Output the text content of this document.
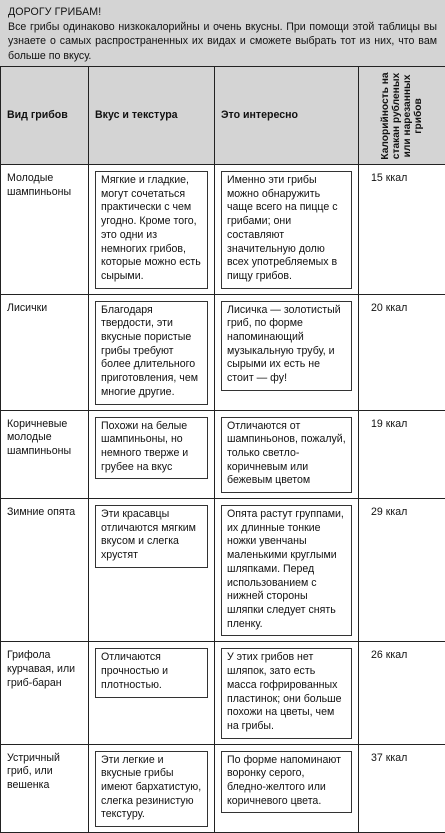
ДОРОГУ ГРИБАМ!
Все грибы одинаково низкокалорийны и очень вкусны. При помощи этой таблицы вы узнаете о самых распространенных их видах и сможете выбрать тот из них, что вам больше по вкусу.
Вид грибов	Вкус и текстура	Это интересно	Калорийность на стакан рубленых или нарезанных грибов

Молодые шампиньоны	Мягкие и гладкие, могут сочетаться практически с чем угодно. Кроме того, это одни из немногих грибов, которые можно есть сырыми.	Именно эти грибы можно обнаружить чаще всего на пицце с грибами; они составляют значительную долю всех употребляемых в пищу грибов.	15 ккал
Лисички	Благодаря твердости, эти вкусные пористые грибы требуют более длительного приготовления, чем многие другие.	Лисичка — золотистый гриб, по форме напоминающий музыкальную трубу, и сырыми их есть не стоит — фу!	20 ккал
Коричневые молодые шампиньоны	Похожи на белые шампиньоны, но немного тверже и грубее на вкус	Отличаются от шампиньонов, пожалуй, только светло-коричневым или бежевым цветом	19 ккал
Зимние опята	Эти красавцы отличаются мягким вкусом и слегка хрустят	Опята растут группами, их длинные тонкие ножки увенчаны маленькими круглыми шляпками. Перед использованием с нижней стороны шляпки следует снять пленку.	29 ккал
Грифола курчавая, или гриб-баран	Отличаются прочностью и плотностью.	У этих грибов нет шляпок, зато есть масса гофрированных пластинок; они больше похожи на цветы, чем на грибы.	26 ккал
Устричный гриб, или вешенка	Эти легкие и вкусные грибы имеют бархатистую, слегка резинистую текстуру.	По форме напоминают воронку серого, бледно-желтого или коричневого цвета.	37 ккал
